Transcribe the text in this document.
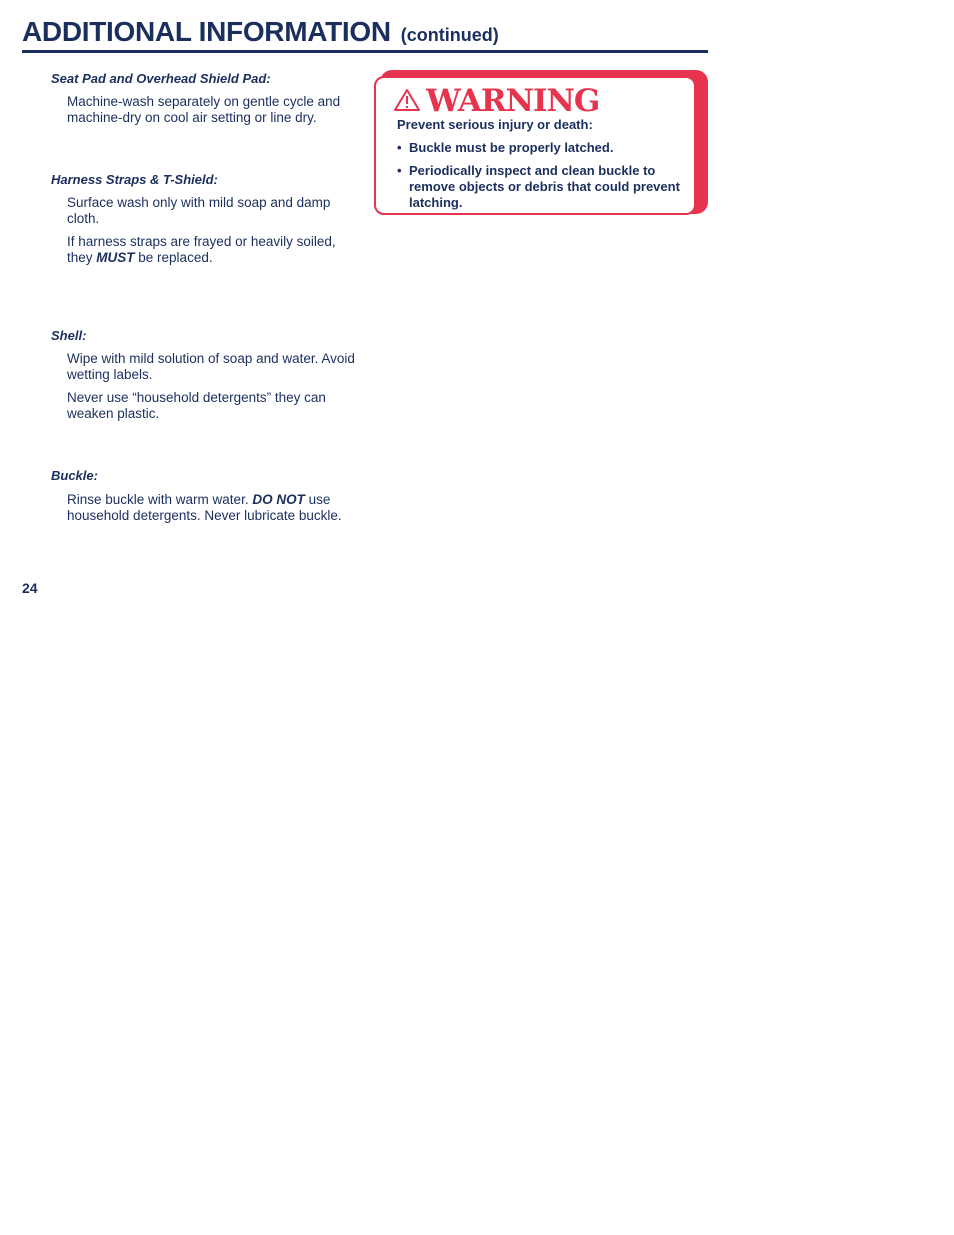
ADDITIONAL INFORMATION (continued)
Seat Pad and Overhead Shield Pad:
Machine-wash separately on gentle cycle and machine-dry on cool air setting or line dry.
Harness Straps & T-Shield:
Surface wash only with mild soap and damp cloth.
If harness straps are frayed or heavily soiled, they MUST be replaced.
Shell:
Wipe with mild solution of soap and water. Avoid wetting labels.
Never use “household detergents” they can weaken plastic.
Buckle:
Rinse buckle with warm water. DO NOT use household detergents. Never lubricate buckle.
24
WARNING
Prevent serious injury or death:
• Buckle must be properly latched.
• Periodically inspect and clean buckle to remove objects or debris that could prevent latching.
